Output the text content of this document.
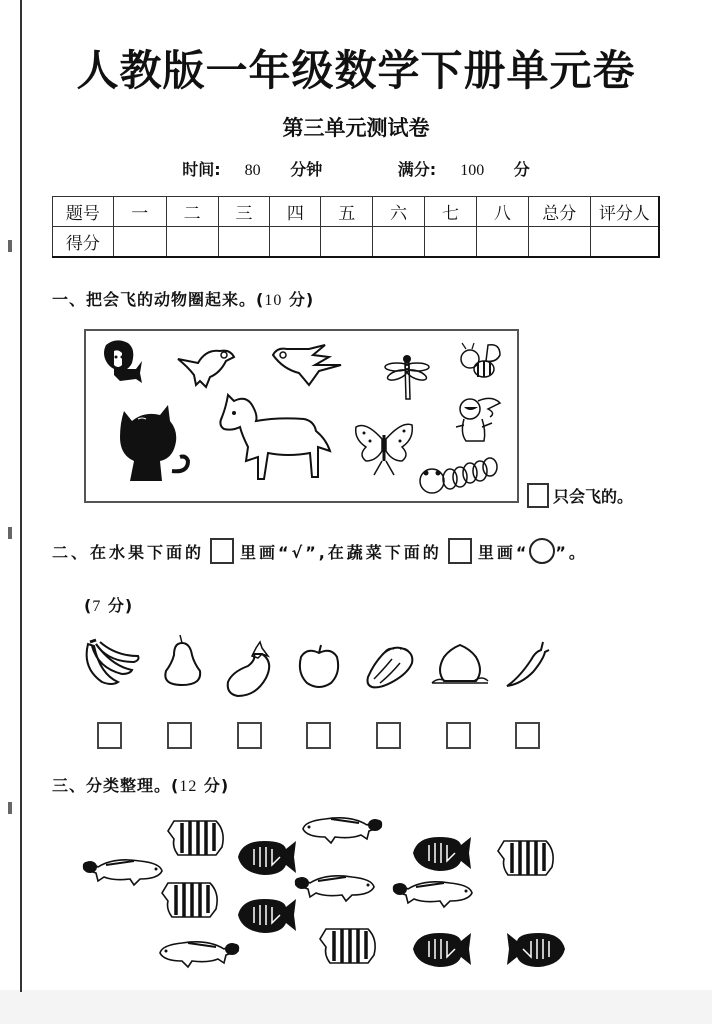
人教版一年级数学下册单元卷
第三单元测试卷
时间: 80 分钟	满分: 100 分
题号	一	二	三	四	五	六	七	八	总分	评分人
得分										
一、把会飞的动物圈起来。(10 分)
只会飞的。
二、在水果下面的 里画“√”,在蔬菜下面的 里画“ ”。
(7 分)
三、分类整理。(12 分)
